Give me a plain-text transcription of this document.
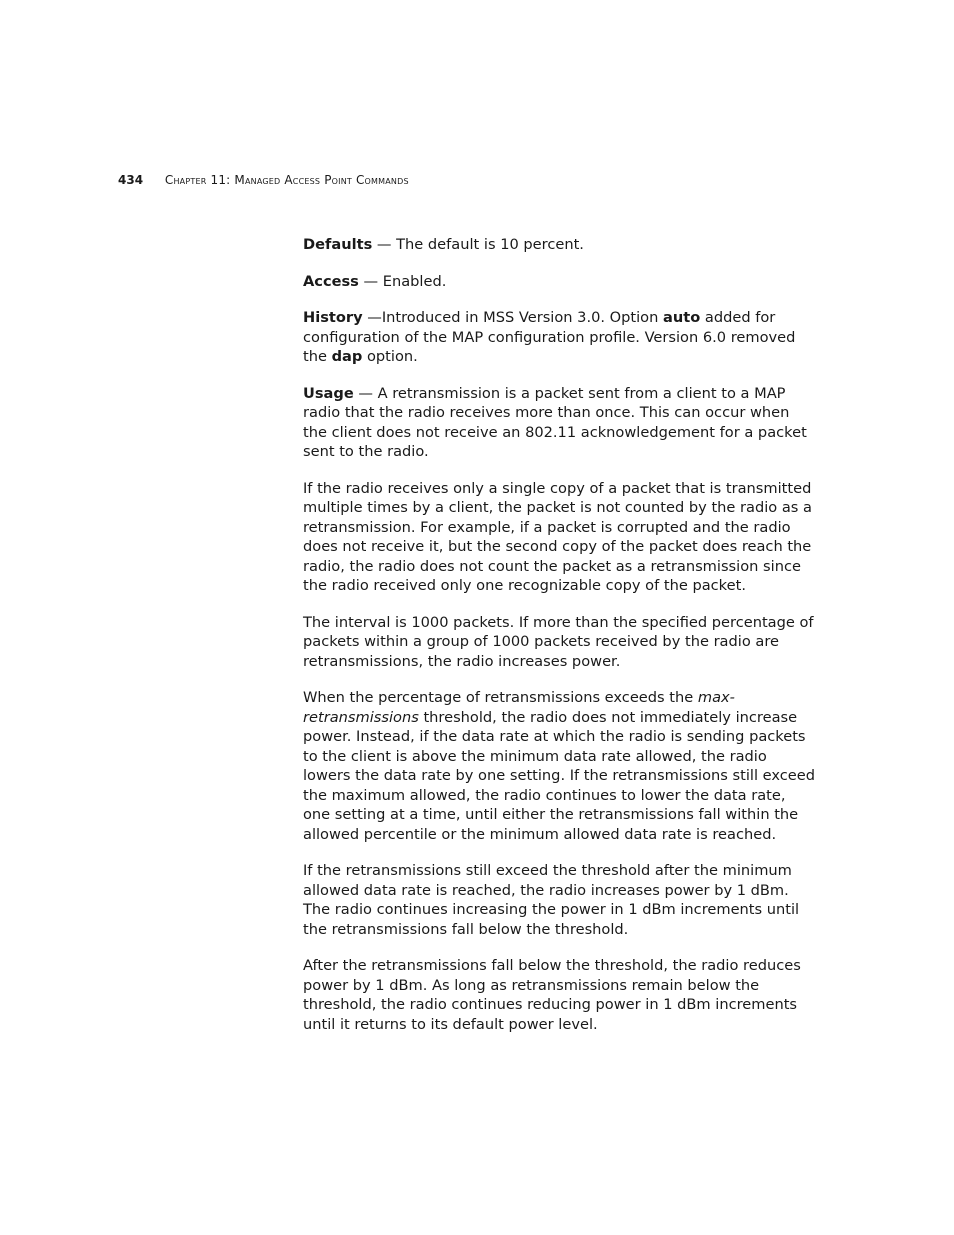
434 Chapter 11: Managed Access Point Commands

Defaults — The default is 10 percent.

Access — Enabled.

History —Introduced in MSS Version 3.0. Option auto added for configuration of the MAP configuration profile. Version 6.0 removed the dap option.

Usage — A retransmission is a packet sent from a client to a MAP radio that the radio receives more than once. This can occur when the client does not receive an 802.11 acknowledgement for a packet sent to the radio.

If the radio receives only a single copy of a packet that is transmitted multiple times by a client, the packet is not counted by the radio as a retransmission. For example, if a packet is corrupted and the radio does not receive it, but the second copy of the packet does reach the radio, the radio does not count the packet as a retransmission since the radio received only one recognizable copy of the packet.

The interval is 1000 packets. If more than the specified percentage of packets within a group of 1000 packets received by the radio are retransmissions, the radio increases power.

When the percentage of retransmissions exceeds the max-retransmissions threshold, the radio does not immediately increase power. Instead, if the data rate at which the radio is sending packets to the client is above the minimum data rate allowed, the radio lowers the data rate by one setting. If the retransmissions still exceed the maximum allowed, the radio continues to lower the data rate, one setting at a time, until either the retransmissions fall within the allowed percentile or the minimum allowed data rate is reached.

If the retransmissions still exceed the threshold after the minimum allowed data rate is reached, the radio increases power by 1 dBm. The radio continues increasing the power in 1 dBm increments until the retransmissions fall below the threshold.

After the retransmissions fall below the threshold, the radio reduces power by 1 dBm. As long as retransmissions remain below the threshold, the radio continues reducing power in 1 dBm increments until it returns to its default power level.
